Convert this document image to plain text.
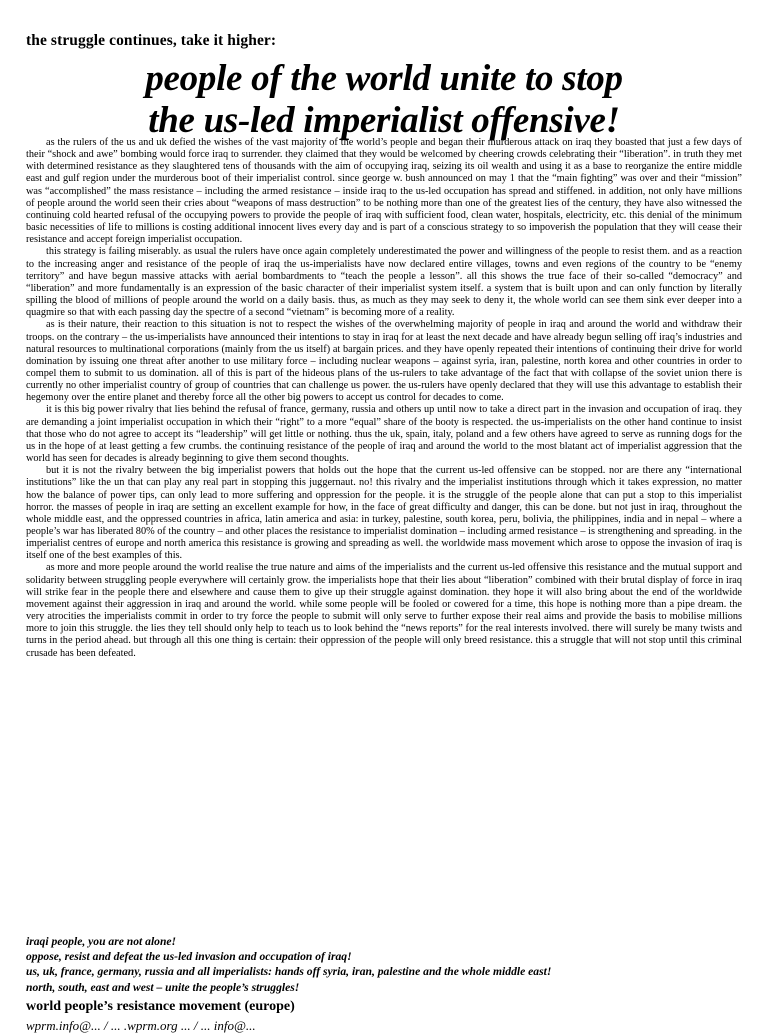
the struggle continues, take it higher:
people of the world unite to stop
the us-led imperialist offensive!

as the rulers of the us and uk defied the wishes of the vast majority of the world’s people and began their murderous attack on iraq they boasted that just a few days of their “shock and awe” bombing would force iraq to surrender. they claimed that they would be welcomed by cheering crowds celebrating their “liberation”. in truth they met with determined resistance as they slaughtered tens of thousands with the aim of occupying iraq, seizing its oil wealth and using it as a base to reorganize the entire middle east and gulf region under the murderous boot of their imperialist control. since george w. bush announced on may 1 that the “main fighting” was over and their “mission” was “accomplished” the mass resistance – including the armed resistance – inside iraq to the us-led occupation has spread and stiffened. in addition, not only have millions of people around the world seen their cries about “weapons of mass destruction” to be nothing more than one of the greatest lies of the century, they have also witnessed the continuing cold hearted refusal of the occupying powers to provide the people of iraq with sufficient food, clean water, hospitals, electricity, etc. this denial of the minimum basic necessities of life to millions is costing additional innocent lives every day and is part of a conscious strategy to so impoverish the population that they will cease their resistance and accept foreign imperialist occupation.

this strategy is failing miserably. as usual the rulers have once again completely underestimated the power and willingness of the people to resist them. and as a reaction to the increasing anger and resistance of the people of iraq the us-imperialists have now declared entire villages, towns and even regions of the country to be “enemy territory” and have begun massive attacks with aerial bombardments to “teach the people a lesson”. all this shows the true face of their so-called “democracy” and “liberation” and more fundamentally is an expression of the basic character of their imperialist system itself. a system that is built upon and can only function by literally spilling the blood of millions of people around the world on a daily basis. thus, as much as they may seek to deny it, the whole world can see them sink ever deeper into a quagmire so that with each passing day the spectre of a second “vietnam” is becoming more of a reality.

as is their nature, their reaction to this situation is not to respect the wishes of the overwhelming majority of people in iraq and around the world and withdraw their troops. on the contrary – the us-imperialists have announced their intentions to stay in iraq for at least the next decade and have already begun selling off iraq’s industries and natural resources to multinational corporations (mainly from the us itself) at bargain prices. and they have openly repeated their intentions of continuing their drive for world domination by issuing one threat after another to use military force – including nuclear weapons – against syria, iran, palestine, north korea and other countries in order to compel them to submit to us domination. all of this is part of the hideous plans of the us-rulers to take advantage of the fact that with collapse of the soviet union there is currently no other imperialist country of group of countries that can challenge us power. the us-rulers have openly declared that they will use this advantage to establish their hegemony over the entire planet and thereby force all the other big powers to accept us control for decades to come.

it is this big power rivalry that lies behind the refusal of france, germany, russia and others up until now to take a direct part in the invasion and occupation of iraq. they are demanding a joint imperialist occupation in which their “right” to a more “equal” share of the booty is respected. the us-imperialists on the other hand continue to insist that those who do not agree to accept its “leadership” will get little or nothing. thus the uk, spain, italy, poland and a few others have agreed to serve as running dogs for the us in the hope of at least getting a few crumbs. the continuing resistance of the people of iraq and around the world to the most blatant act of imperialist aggression that the world has seen for decades is already beginning to give them second thoughts.

but it is not the rivalry between the big imperialist powers that holds out the hope that the current us-led offensive can be stopped. nor are there any “international institutions” like the un that can play any real part in stopping this juggernaut. no! this rivalry and the imperialist institutions through which it takes expression, no matter how the balance of power tips, can only lead to more suffering and oppression for the people. it is the struggle of the people alone that can put a stop to this imperialist horror. the masses of people in iraq are setting an excellent example for how, in the face of great difficulty and danger, this can be done. but not just in iraq, throughout the whole middle east, and the oppressed countries in africa, latin america and asia: in turkey, palestine, south korea, peru, bolivia, the philippines, india and in nepal – where a people’s war has liberated 80% of the country – and other places the resistance to imperialist domination – including armed resistance – is strengthening and spreading. in the imperialist centres of europe and north america this resistance is growing and spreading as well. the worldwide mass movement which arose to oppose the invasion of iraq is itself one of the best examples of this.

as more and more people around the world realise the true nature and aims of the imperialists and the current us-led offensive this resistance and the mutual support and solidarity between struggling people everywhere will certainly grow. the imperialists hope that their lies about “liberation” combined with their brutal display of force in iraq will strike fear in the people there and elsewhere and cause them to give up their struggle against domination. they hope it will also bring about the end of the worldwide movement against their aggression in iraq and around the world. while some people will be fooled or cowered for a time, this hope is nothing more than a pipe dream. the very atrocities the imperialists commit in order to try force the people to submit will only serve to further expose their real aims and provide the basis to mobilise millions more to join this struggle. the lies they tell should only help to teach us to look behind the “news reports” for the real interests involved. there will surely be many twists and turns in the period ahead. but through all this one thing is certain: their oppression of the people will only breed resistance. this a struggle that will not stop until this criminal crusade has been defeated.

iraqi people, you are not alone!
oppose, resist and defeat the us-led invasion and occupation of iraq!
us, uk, france, germany, russia and all imperialists: hands off syria, iran, palestine and the whole middle east!
north, south, east and west – unite the people’s struggles!
world people’s resistance movement (europe)
wprm.info@... / ... .wprm.org ... / ... info@...
